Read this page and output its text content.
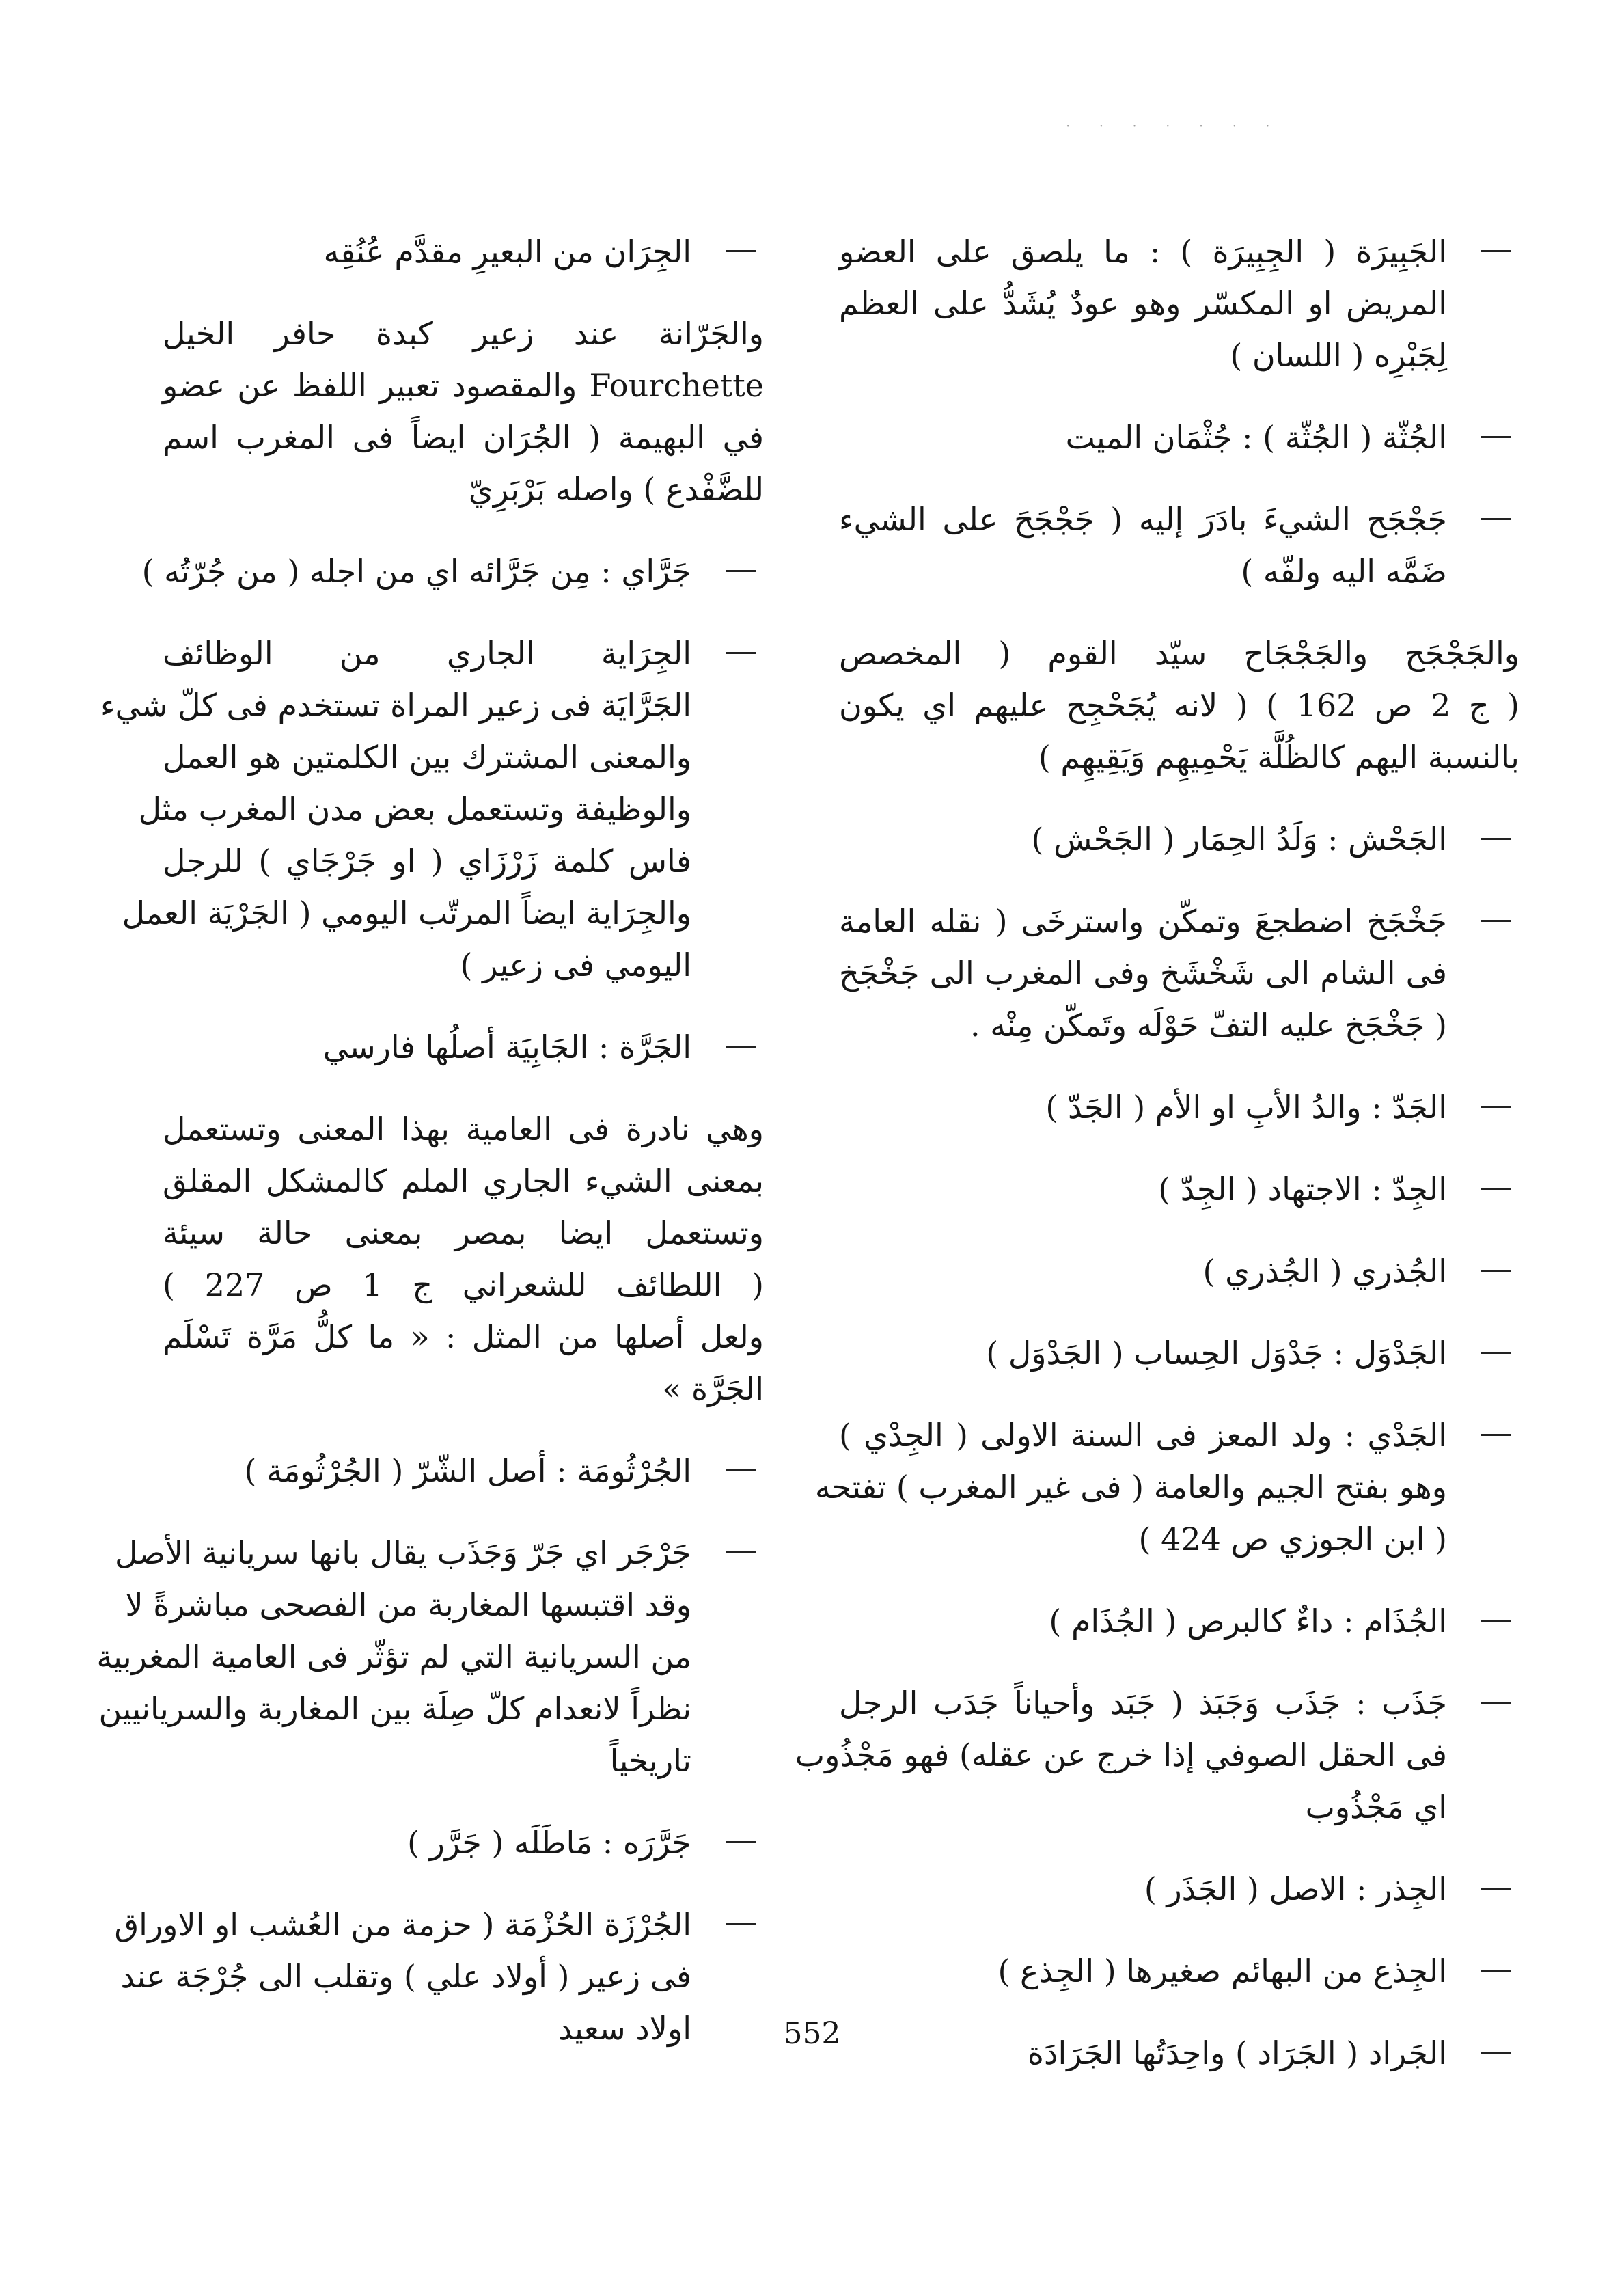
· · · · · · ·
الجَبِيرَة ( الجِبِيرَة ) : ما يلصق على العضو
المريض او المكسّر وهو عودٌ يُشَدُّ على العظم
لِجَبْرِه ( اللسان )
الجُثّة ( الجُثّة ) : جُثْمَان الميت
جَجْجَح الشيءَ بادَرَ إليه ( جَجْجَحَ على الشيء
ضَمَّه اليه ولفّه )
والجَجْجَح والجَجْجَاح سيّد القوم ( المخصص
( ج 2 ص 162 ) ( لانه يُجَحْجِح عليهم اي يكون
بالنسبة اليهم كالظُلَّة يَحْمِيهِم وَيَقِيهِم )
الجَحْش : وَلَدُ الحِمَار ( الجَحْش )
جَخْجَخ اضطجعَ وتمكّن واسترخَى ( نقله العامة
فى الشام الى شَخْشَخ وفى المغرب الى جَخْجَخ
( جَخْجَخ عليه التفّ حَوْلَه وتَمكّن مِنْه .
الجَدّ : والدُ الأبِ او الأم ( الجَدّ )
الجِدّ : الاجتهاد ( الجِدّ )
الجُذري ( الجُذري )
الجَدْوَل : جَدْوَل الحِساب ( الجَدْوَل )
الجَدْي : ولد المعز فى السنة الاولى ( الجِدْي )
وهو بفتح الجيم والعامة ( فى غير المغرب ) تفتحه
( ابن الجوزي ص 424 )
الجُذَام : داءٌ كالبرص ( الجُذَام )
جَذَب : جَذَب وَجَبَذ ( جَبَد وأحياناً جَدَب الرجل
فى الحقل الصوفي إذا خرج عن عقله) فهو مَجْذُوب
اي مَجْذُوب
الجِذر : الاصل ( الجَذَر )
الجِذع من البهائم صغيرها ( الجِذع )
الجَراد ( الجَرَاد ) واحِدَتُها الجَرَادَة
الجِرَان من البعيرِ مقدَّم عُنُقِه
والجَرّانة عند زعير كبدة حافر الخيل
Fourchette والمقصود تعبير اللفظ عن عضو
في البهيمة ( الجُرَان ايضاً فى المغرب اسم
للضَّفْدع ) واصله بَرْبَرِيّ
جَرَّاي : مِن جَرَّائه اي من اجله ( من جُرّتُه )
الجِرَاية الجاري من الوظائف
الجَرَّايَة فى زعير المراة تستخدم فى كلّ شيء
والمعنى المشترك بين الكلمتين هو العمل
والوظيفة وتستعمل بعض مدن المغرب مثل
فاس كلمة زَرْزَاي ( او جَرْجَاي ) للرجل
والجِرَاية ايضاً المرتّب اليومي ( الجَرْيَة العمل
اليومي فى زعير )
الجَرَّة : الجَابِيَة أصلُها فارسي
وهي نادرة فى العامية بهذا المعنى وتستعمل
بمعنى الشيء الجاري الملم كالمشكل المقلق
وتستعمل ايضا بمصر بمعنى حالة سيئة
( اللطائف للشعراني ج 1 ص 227 )
ولعل أصلها من المثل : « ما كلُّ مَرَّة تَسْلَم
الجَرَّة »
الجُرْثُومَة : أصل الشّرّ ( الجُرْثُومَة )
جَرْجَر اي جَرّ وَجَذَب يقال بانها سريانية الأصل
وقد اقتبسها المغاربة من الفصحى مباشرةً لا
من السريانية التي لم تؤثّر فى العامية المغربية
نظراً لانعدام كلّ صِلَة بين المغاربة والسريانيين
تاريخياً
جَرَّرَه : مَاطَلَه ( جَرَّر )
الجُرْزَة الحُزْمَة ( حزمة من العُشب او الاوراق
فى زعير ( أولاد علي ) وتقلب الى جُرْجَة عند
اولاد سعيد	552
